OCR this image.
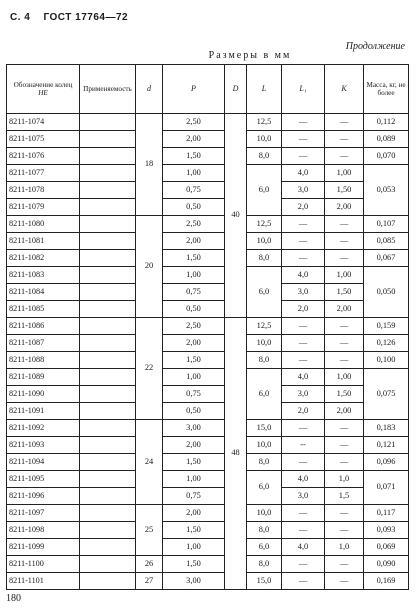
С. 4 ГОСТ 17764—72
Продолжение
Размеры в мм
Обозначение колец
НЕ	Применяемость	d	P	D	L	L₁	K	Масса, кг, не более
8211-1074		18	2,50	40	12,5	—	—	0,112
8211-1075			2,00		10,0	—	—	0,089
8211-1076			1,50		8,0	—	—	0,070
8211-1077			1,00		6,0	4,0	1,00	0,053
8211-1078			0,75			3,0	1,50	
8211-1079			0,50			2,0	2,00	
8211-1080		20	2,50		12,5	—	—	0,107
8211-1081			2,00		10,0	—	—	0,085
8211-1082			1,50		8,0	—	—	0,067
8211-1083			1,00		6,0	4,0	1,00	0,050
8211-1084			0,75			3,0	1,50	
8211-1085			0,50			2,0	2,00	
8211-1086		22	2,50	48	12,5	—	—	0,159
8211-1087			2,00		10,0	—	—	0,126
8211-1088			1,50		8,0	—	—	0,100
8211-1089			1,00		6,0	4,0	1,00	0,075
8211-1090			0,75			3,0	1,50	
8211-1091			0,50			2,0	2,00	
8211-1092		24	3,00		15,0	—	—	0,183
8211-1093			2,00		10,0	--	—	0,121
8211-1094			1,50		8,0	—	—	0,096
8211-1095			1,00		6,0	4,0	1,0	0,071
8211-1096			0,75			3,0	1,5	
8211-1097		25	2,00		10,0	—	—	0,117
8211-1098			1,50		8,0	—	—	0,093
8211-1099			1,00		6,0	4,0	1,0	0,069
8211-1100		26	1,50		8,0	—	—	0,090
8211-1101		27	3,00		15,0	—	—	0,169
180
